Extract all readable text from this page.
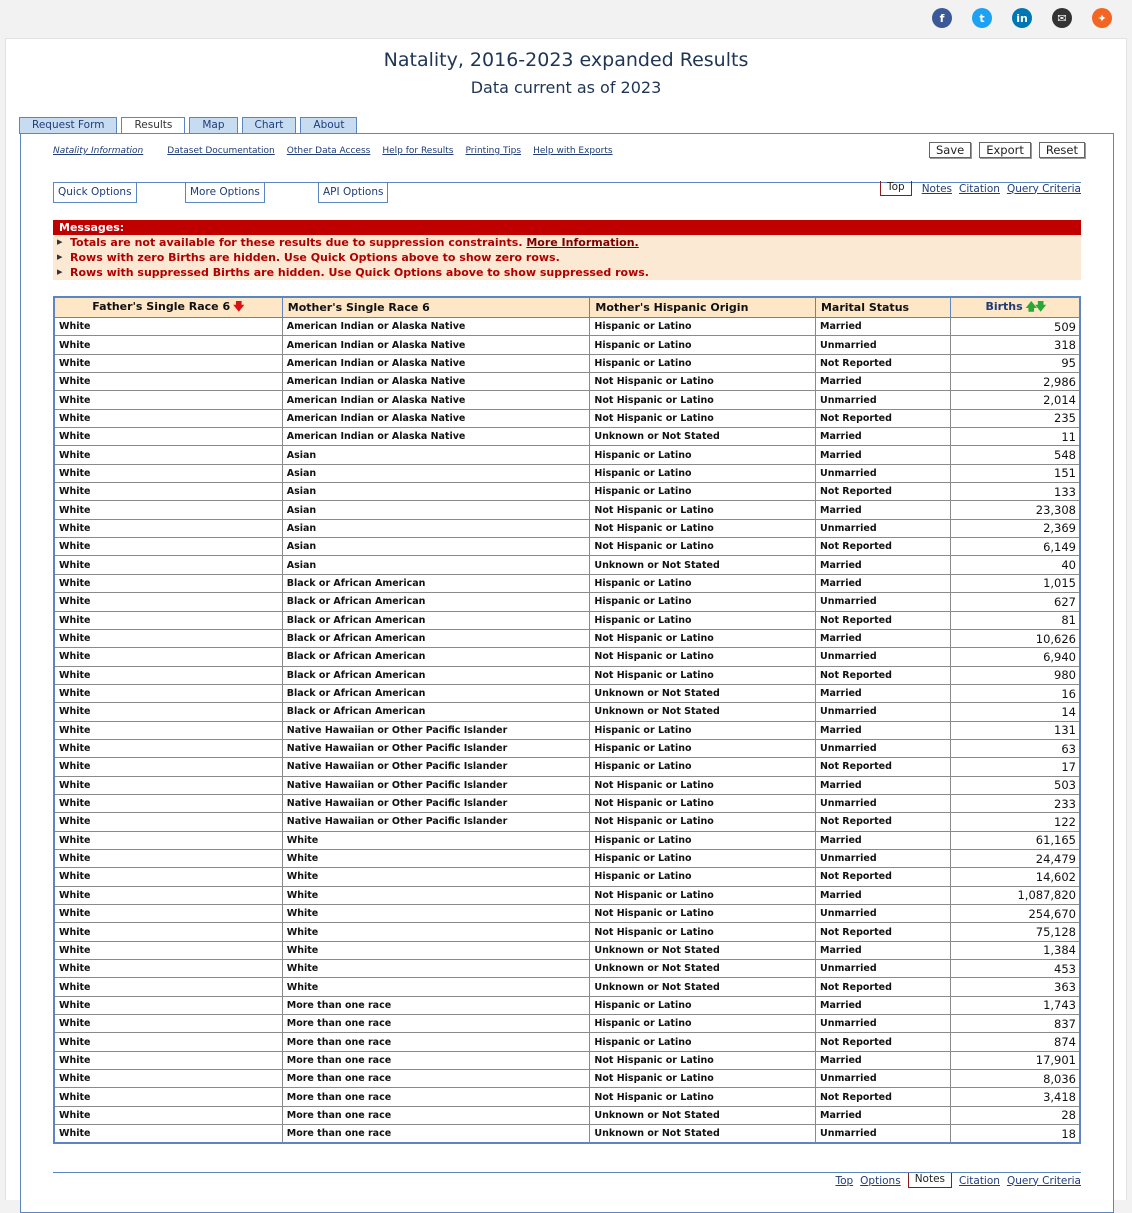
f	t	in	✉	✦
Natality, 2016-2023 expanded Results
Data current as of 2023
Request Form	Results	Map	Chart	About
Natality Information	Dataset Documentation Other Data Access Help for Results Printing Tips Help with Exports	Save	Export	Reset
Quick Options	More Options	API Options	Top	Notes Citation Query Criteria
Messages:
▸ Totals are not available for these results due to suppression constraints. More Information.
▸ Rows with zero Births are hidden. Use Quick Options above to show zero rows.
▸ Rows with suppressed Births are hidden. Use Quick Options above to show suppressed rows.
Father's Single Race 6 🡇	Mother's Single Race 6	Mother's Hispanic Origin	Marital Status	Births 🡅🡇
White	American Indian or Alaska Native	Hispanic or Latino	Married	509
White	American Indian or Alaska Native	Hispanic or Latino	Unmarried	318
White	American Indian or Alaska Native	Hispanic or Latino	Not Reported	95
White	American Indian or Alaska Native	Not Hispanic or Latino	Married	2,986
White	American Indian or Alaska Native	Not Hispanic or Latino	Unmarried	2,014
White	American Indian or Alaska Native	Not Hispanic or Latino	Not Reported	235
White	American Indian or Alaska Native	Unknown or Not Stated	Married	11
White	Asian	Hispanic or Latino	Married	548
White	Asian	Hispanic or Latino	Unmarried	151
White	Asian	Hispanic or Latino	Not Reported	133
White	Asian	Not Hispanic or Latino	Married	23,308
White	Asian	Not Hispanic or Latino	Unmarried	2,369
White	Asian	Not Hispanic or Latino	Not Reported	6,149
White	Asian	Unknown or Not Stated	Married	40
White	Black or African American	Hispanic or Latino	Married	1,015
White	Black or African American	Hispanic or Latino	Unmarried	627
White	Black or African American	Hispanic or Latino	Not Reported	81
White	Black or African American	Not Hispanic or Latino	Married	10,626
White	Black or African American	Not Hispanic or Latino	Unmarried	6,940
White	Black or African American	Not Hispanic or Latino	Not Reported	980
White	Black or African American	Unknown or Not Stated	Married	16
White	Black or African American	Unknown or Not Stated	Unmarried	14
White	Native Hawaiian or Other Pacific Islander	Hispanic or Latino	Married	131
White	Native Hawaiian or Other Pacific Islander	Hispanic or Latino	Unmarried	63
White	Native Hawaiian or Other Pacific Islander	Hispanic or Latino	Not Reported	17
White	Native Hawaiian or Other Pacific Islander	Not Hispanic or Latino	Married	503
White	Native Hawaiian or Other Pacific Islander	Not Hispanic or Latino	Unmarried	233
White	Native Hawaiian or Other Pacific Islander	Not Hispanic or Latino	Not Reported	122
White	White	Hispanic or Latino	Married	61,165
White	White	Hispanic or Latino	Unmarried	24,479
White	White	Hispanic or Latino	Not Reported	14,602
White	White	Not Hispanic or Latino	Married	1,087,820
White	White	Not Hispanic or Latino	Unmarried	254,670
White	White	Not Hispanic or Latino	Not Reported	75,128
White	White	Unknown or Not Stated	Married	1,384
White	White	Unknown or Not Stated	Unmarried	453
White	White	Unknown or Not Stated	Not Reported	363
White	More than one race	Hispanic or Latino	Married	1,743
White	More than one race	Hispanic or Latino	Unmarried	837
White	More than one race	Hispanic or Latino	Not Reported	874
White	More than one race	Not Hispanic or Latino	Married	17,901
White	More than one race	Not Hispanic or Latino	Unmarried	8,036
White	More than one race	Not Hispanic or Latino	Not Reported	3,418
White	More than one race	Unknown or Not Stated	Married	28
White	More than one race	Unknown or Not Stated	Unmarried	18
Top Options	Notes	Citation Query Criteria
